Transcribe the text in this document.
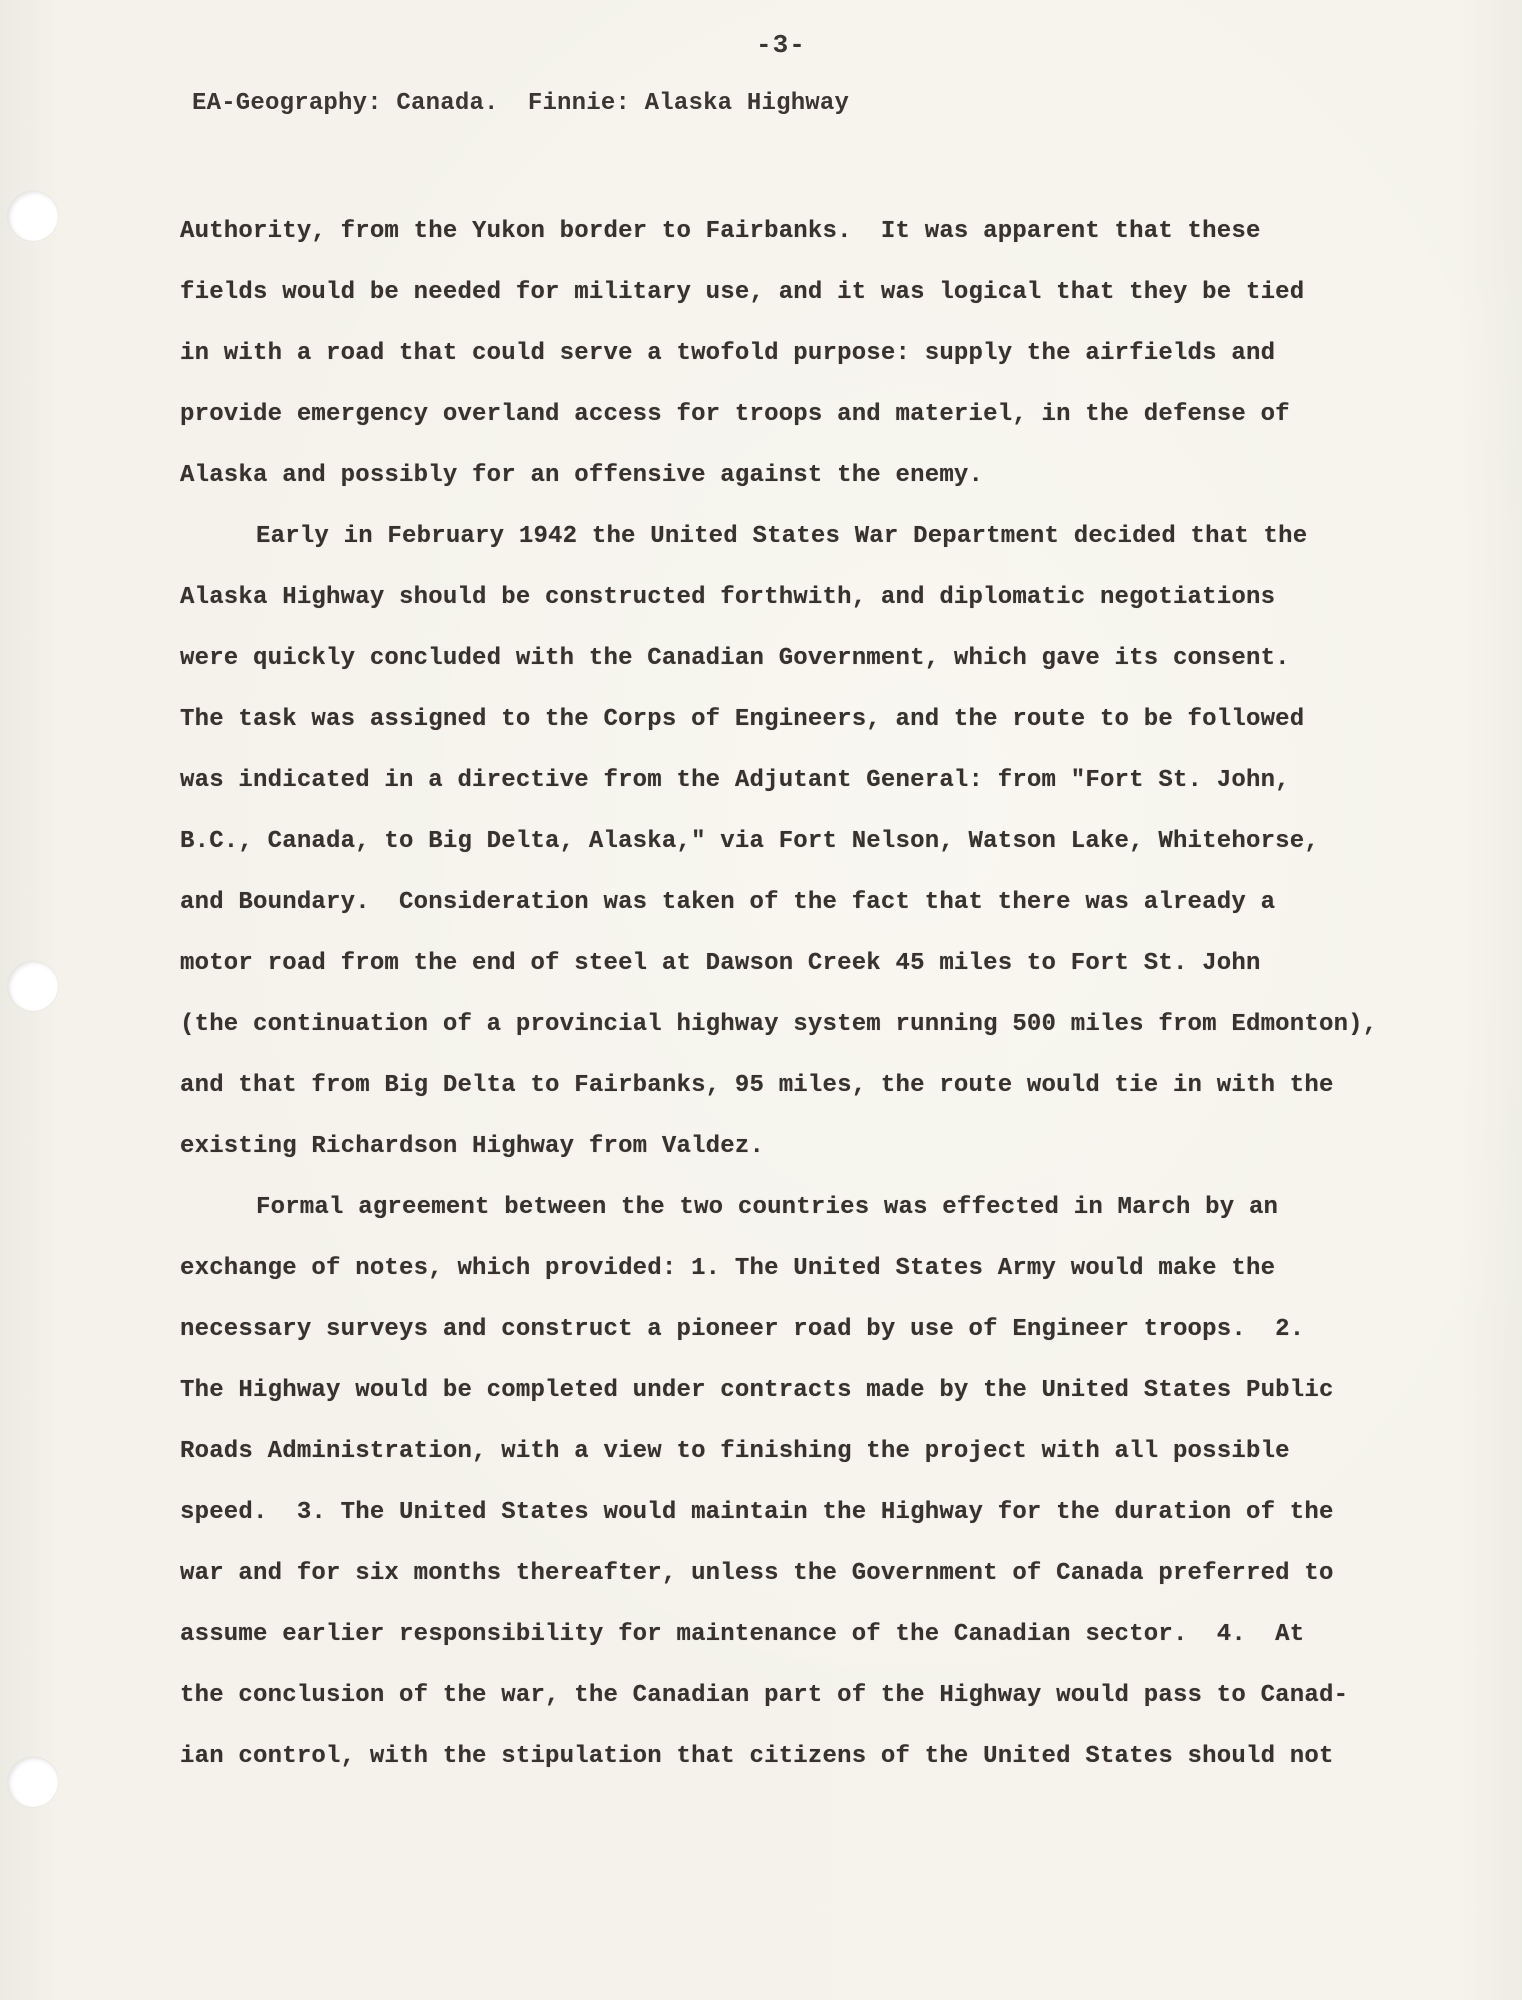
-3-
EA-Geography: Canada.  Finnie: Alaska Highway
Authority, from the Yukon border to Fairbanks.  It was apparent that these
fields would be needed for military use, and it was logical that they be tied
in with a road that could serve a twofold purpose: supply the airfields and
provide emergency overland access for troops and materiel, in the defense of
Alaska and possibly for an offensive against the enemy.
Early in February 1942 the United States War Department decided that the
Alaska Highway should be constructed forthwith, and diplomatic negotiations
were quickly concluded with the Canadian Government, which gave its consent.
The task was assigned to the Corps of Engineers, and the route to be followed
was indicated in a directive from the Adjutant General: from "Fort St. John,
B.C., Canada, to Big Delta, Alaska," via Fort Nelson, Watson Lake, Whitehorse,
and Boundary.  Consideration was taken of the fact that there was already a
motor road from the end of steel at Dawson Creek 45 miles to Fort St. John
(the continuation of a provincial highway system running 500 miles from Edmonton),
and that from Big Delta to Fairbanks, 95 miles, the route would tie in with the
existing Richardson Highway from Valdez.
Formal agreement between the two countries was effected in March by an
exchange of notes, which provided: 1. The United States Army would make the
necessary surveys and construct a pioneer road by use of Engineer troops.  2.
The Highway would be completed under contracts made by the United States Public
Roads Administration, with a view to finishing the project with all possible
speed.  3. The United States would maintain the Highway for the duration of the
war and for six months thereafter, unless the Government of Canada preferred to
assume earlier responsibility for maintenance of the Canadian sector.  4.  At
the conclusion of the war, the Canadian part of the Highway would pass to Canad-
ian control, with the stipulation that citizens of the United States should not
